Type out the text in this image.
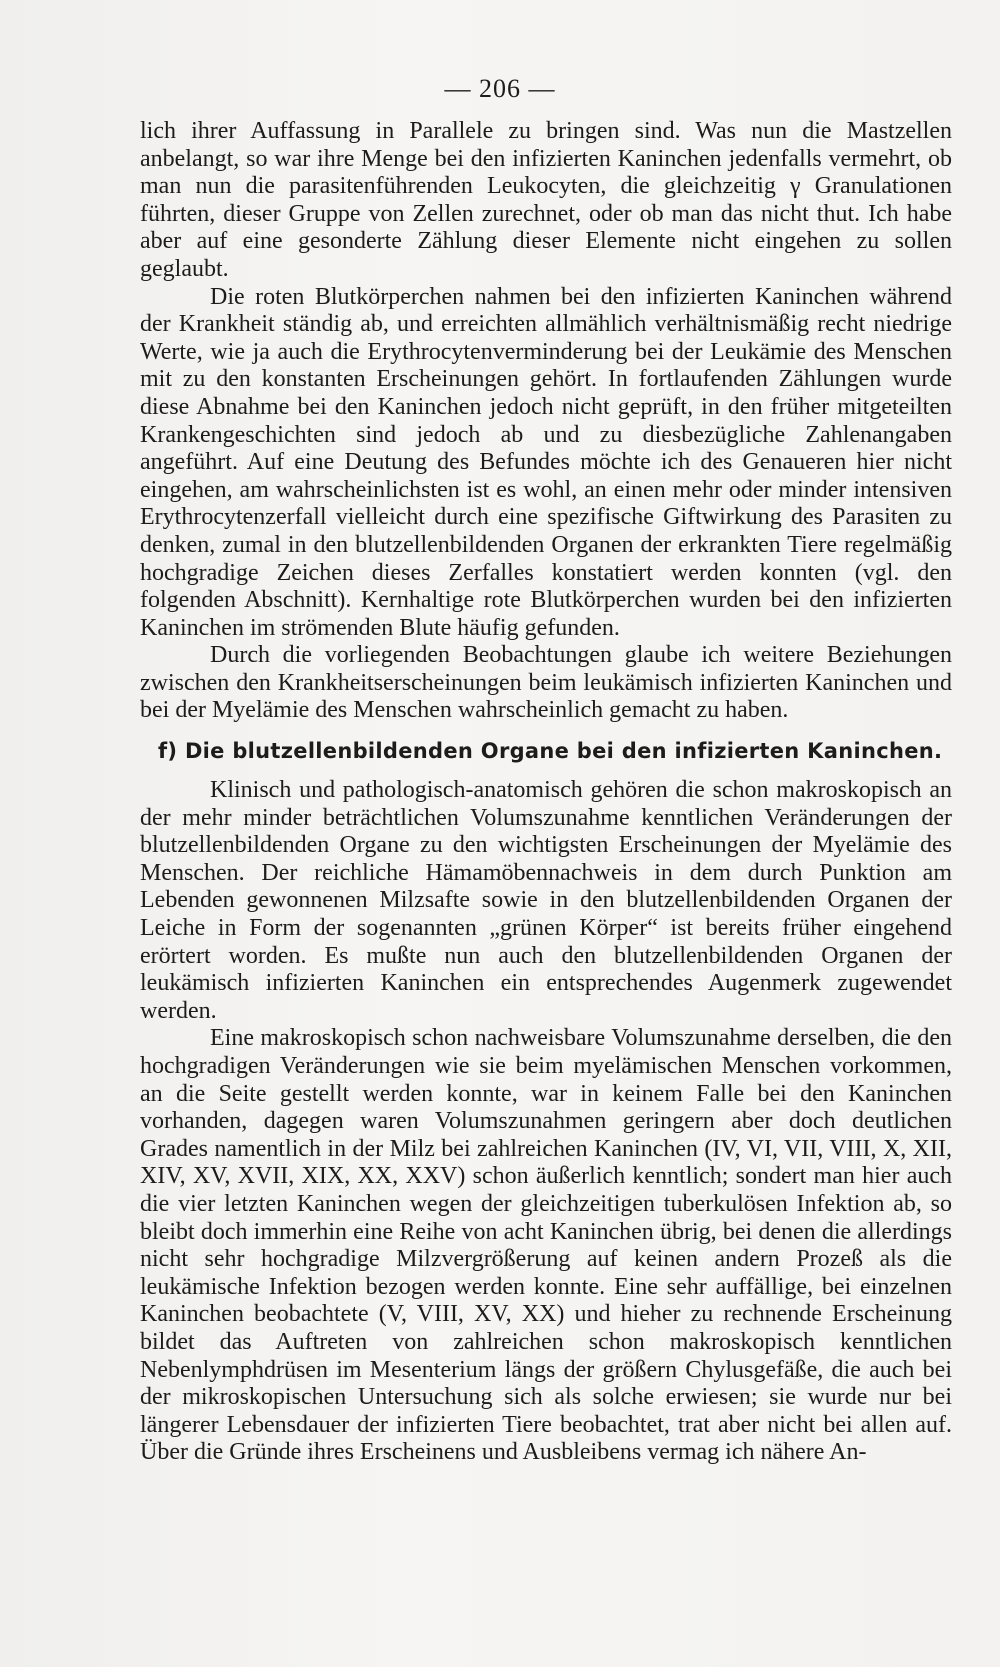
— 206 —

lich ihrer Auffassung in Parallele zu bringen sind. Was nun die Mastzellen anbelangt, so war ihre Menge bei den infizierten Kaninchen jedenfalls vermehrt, ob man nun die parasitenführenden Leukocyten, die gleichzeitig γ Granulationen führten, dieser Gruppe von Zellen zurechnet, oder ob man das nicht thut. Ich habe aber auf eine gesonderte Zählung dieser Elemente nicht eingehen zu sollen geglaubt.

Die roten Blutkörperchen nahmen bei den infizierten Kaninchen während der Krankheit ständig ab, und erreichten allmählich verhältnismäßig recht niedrige Werte, wie ja auch die Erythrocytenverminderung bei der Leukämie des Menschen mit zu den konstanten Erscheinungen gehört. In fortlaufenden Zählungen wurde diese Abnahme bei den Kaninchen jedoch nicht geprüft, in den früher mitgeteilten Krankengeschichten sind jedoch ab und zu diesbezügliche Zahlenangaben angeführt. Auf eine Deutung des Befundes möchte ich des Genaueren hier nicht eingehen, am wahrscheinlichsten ist es wohl, an einen mehr oder minder intensiven Erythrocytenzerfall vielleicht durch eine spezifische Giftwirkung des Parasiten zu denken, zumal in den blutzellenbildenden Organen der erkrankten Tiere regelmäßig hochgradige Zeichen dieses Zerfalles konstatiert werden konnten (vgl. den folgenden Abschnitt). Kernhaltige rote Blutkörperchen wurden bei den infizierten Kaninchen im strömenden Blute häufig gefunden.

Durch die vorliegenden Beobachtungen glaube ich weitere Beziehungen zwischen den Krankheitserscheinungen beim leukämisch infizierten Kaninchen und bei der Myelämie des Menschen wahrscheinlich gemacht zu haben.

f) Die blutzellenbildenden Organe bei den infizierten Kaninchen.

Klinisch und pathologisch-anatomisch gehören die schon makroskopisch an der mehr minder beträchtlichen Volumszunahme kenntlichen Veränderungen der blutzellenbildenden Organe zu den wichtigsten Erscheinungen der Myelämie des Menschen. Der reichliche Hämamöbennachweis in dem durch Punktion am Lebenden gewonnenen Milzsafte sowie in den blutzellenbildenden Organen der Leiche in Form der sogenannten „grünen Körper“ ist bereits früher eingehend erörtert worden. Es mußte nun auch den blutzellenbildenden Organen der leukämisch infizierten Kaninchen ein entsprechendes Augenmerk zugewendet werden.

Eine makroskopisch schon nachweisbare Volumszunahme derselben, die den hochgradigen Veränderungen wie sie beim myelämischen Menschen vorkommen, an die Seite gestellt werden konnte, war in keinem Falle bei den Kaninchen vorhanden, dagegen waren Volumszunahmen geringern aber doch deutlichen Grades namentlich in der Milz bei zahlreichen Kaninchen (IV, VI, VII, VIII, X, XII, XIV, XV, XVII, XIX, XX, XXV) schon äußerlich kenntlich; sondert man hier auch die vier letzten Kaninchen wegen der gleichzeitigen tuberkulösen Infektion ab, so bleibt doch immerhin eine Reihe von acht Kaninchen übrig, bei denen die allerdings nicht sehr hochgradige Milzvergrößerung auf keinen andern Prozeß als die leukämische Infektion bezogen werden konnte. Eine sehr auffällige, bei einzelnen Kaninchen beobachtete (V, VIII, XV, XX) und hieher zu rechnende Erscheinung bildet das Auftreten von zahlreichen schon makroskopisch kenntlichen Nebenlymphdrüsen im Mesenterium längs der größern Chylusgefäße, die auch bei der mikroskopischen Untersuchung sich als solche erwiesen; sie wurde nur bei längerer Lebensdauer der infizierten Tiere beobachtet, trat aber nicht bei allen auf. Über die Gründe ihres Erscheinens und Ausbleibens vermag ich nähere An-
